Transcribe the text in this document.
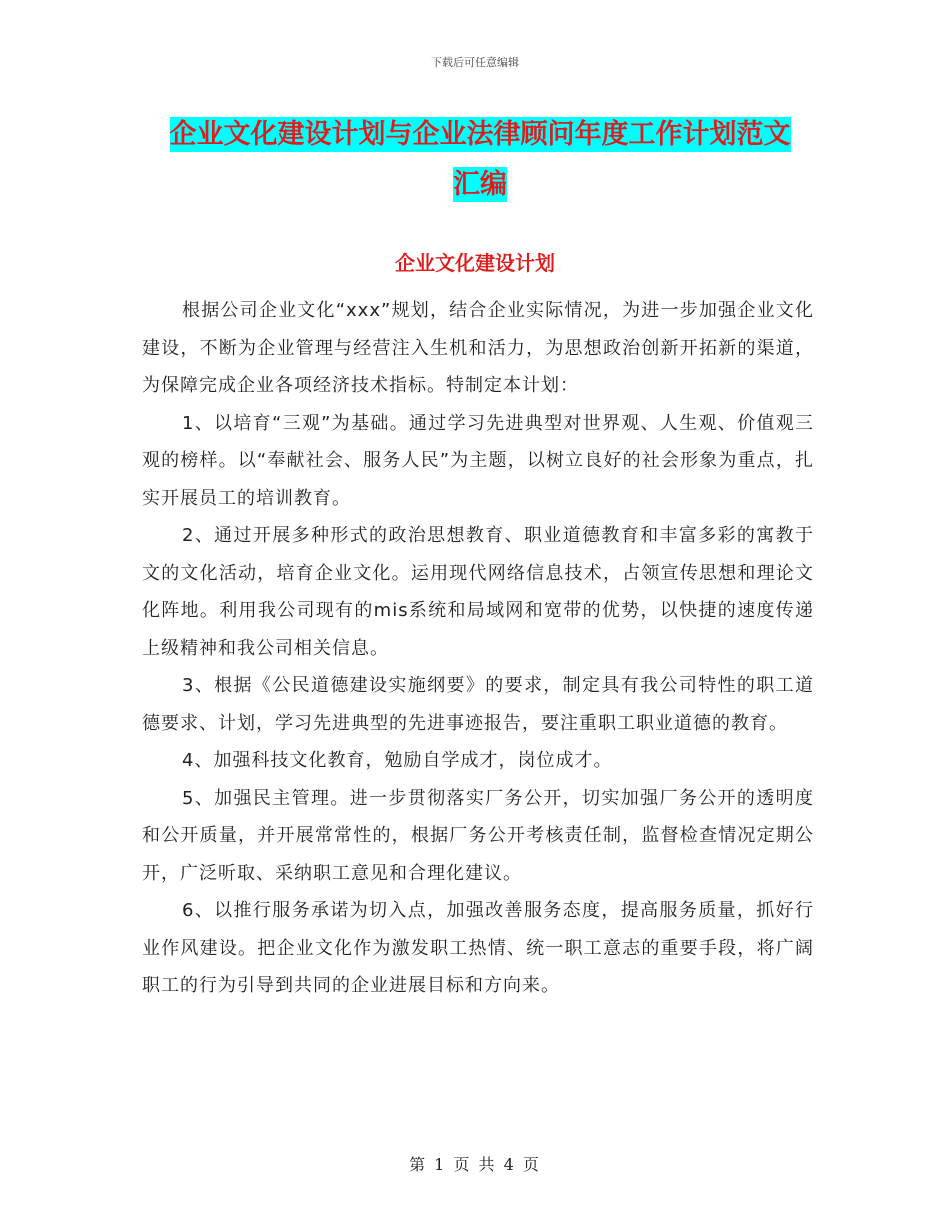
下载后可任意编辑
企业文化建设计划与企业法律顾问年度工作计划范文
汇编
企业文化建设计划

根据公司企业文化“xxx”规划，结合企业实际情况，为进一步加强企业文化建设，不断为企业管理与经营注入生机和活力，为思想政治创新开拓新的渠道，为保障完成企业各项经济技术指标。特制定本计划：

1、以培育“三观”为基础。通过学习先进典型对世界观、人生观、价值观三观的榜样。以“奉献社会、服务人民”为主题，以树立良好的社会形象为重点，扎实开展员工的培训教育。

2、通过开展多种形式的政治思想教育、职业道德教育和丰富多彩的寓教于文的文化活动，培育企业文化。运用现代网络信息技术，占领宣传思想和理论文化阵地。利用我公司现有的mis系统和局域网和宽带的优势，以快捷的速度传递上级精神和我公司相关信息。

3、根据《公民道德建设实施纲要》的要求，制定具有我公司特性的职工道德要求、计划，学习先进典型的先进事迹报告，要注重职工职业道德的教育。

4、加强科技文化教育，勉励自学成才，岗位成才。

5、加强民主管理。进一步贯彻落实厂务公开，切实加强厂务公开的透明度和公开质量，并开展常常性的，根据厂务公开考核责任制，监督检查情况定期公开，广泛听取、采纳职工意见和合理化建议。

6、以推行服务承诺为切入点，加强改善服务态度，提高服务质量，抓好行业作风建设。把企业文化作为激发职工热情、统一职工意志的重要手段，将广阔职工的行为引导到共同的企业进展目标和方向来。

第 1 页 共 4 页
